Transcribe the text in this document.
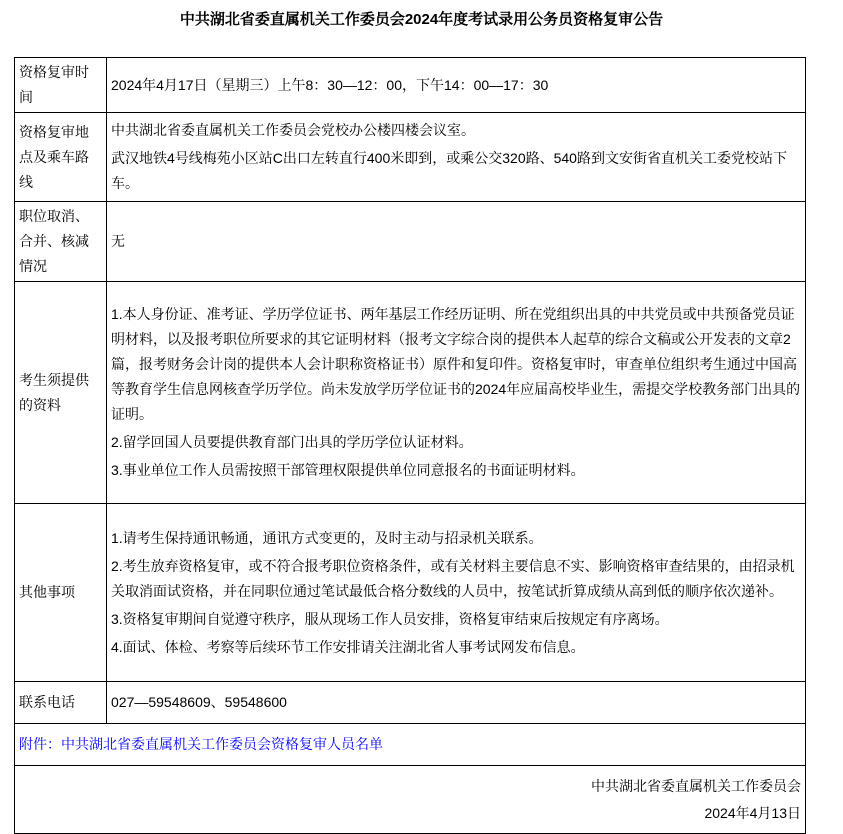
中共湖北省委直属机关工作委员会2024年度考试录用公务员资格复审公告
资格复审时间	2024年4月17日（星期三）上午8：30—12：00，下午14：00—17：30

资格复审地点及乘车路线	中共湖北省委直属机关工作委员会党校办公楼四楼会议室。

武汉地铁4号线梅苑小区站C出口左转直行400米即到，或乘公交320路、540路到文安街省直机关工委党校站下车。

职位取消、合并、核减情况	无

考生须提供的资料	1.本人身份证、准考证、学历学位证书、两年基层工作经历证明、所在党组织出具的中共党员或中共预备党员证明材料，以及报考职位所要求的其它证明材料（报考文字综合岗的提供本人起草的综合文稿或公开发表的文章2篇，报考财务会计岗的提供本人会计职称资格证书）原件和复印件。资格复审时，审查单位组织考生通过中国高等教育学生信息网核查学历学位。尚未发放学历学位证书的2024年应届高校毕业生，需提交学校教务部门出具的证明。

2.留学回国人员要提供教育部门出具的学历学位认证材料。

3.事业单位工作人员需按照干部管理权限提供单位同意报名的书面证明材料。

其他事项	1.请考生保持通讯畅通，通讯方式变更的，及时主动与招录机关联系。

2.考生放弃资格复审，或不符合报考职位资格条件，或有关材料主要信息不实、影响资格审查结果的，由招录机关取消面试资格，并在同职位通过笔试最低合格分数线的人员中，按笔试折算成绩从高到低的顺序依次递补。

3.资格复审期间自觉遵守秩序，服从现场工作人员安排，资格复审结束后按规定有序离场。

4.面试、体检、考察等后续环节工作安排请关注湖北省人事考试网发布信息。

联系电话	027—59548609、59548600

附件：中共湖北省委直属机关工作委员会资格复审人员名单	

中共湖北省委直属机关工作委员会
2024年4月13日	
